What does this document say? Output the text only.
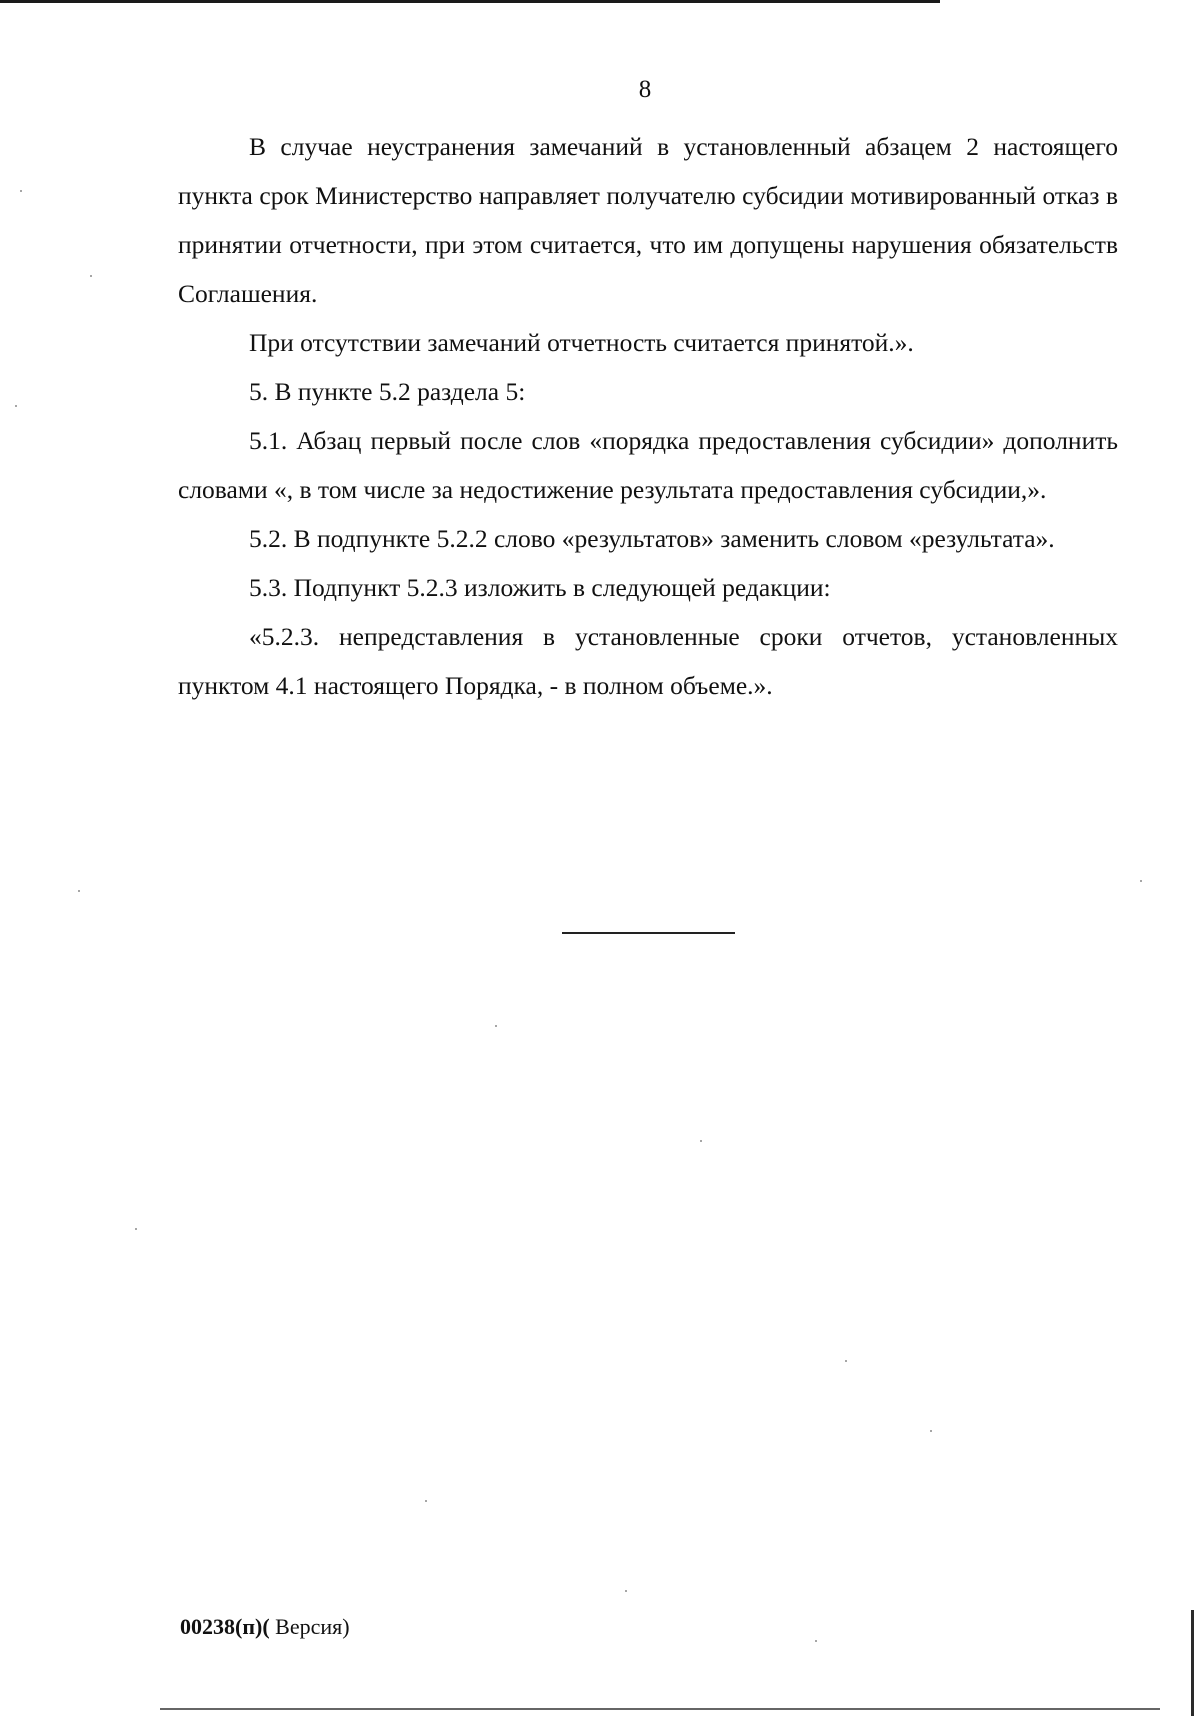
8

В случае неустранения замечаний в установленный абзацем 2 настоящего пункта срок Министерство направляет получателю субсидии мотивированный отказ в принятии отчетности, при этом считается, что им допущены нарушения обязательств Соглашения.

При отсутствии замечаний отчетность считается принятой.».

5. В пункте 5.2 раздела 5:

5.1. Абзац первый после слов «порядка предоставления субсидии» дополнить словами «, в том числе за недостижение результата предоставления субсидии,».

5.2. В подпункте 5.2.2 слово «результатов» заменить словом «результата».

5.3. Подпункт 5.2.3 изложить в следующей редакции:

«5.2.3. непредставления в установленные сроки отчетов, установленных пунктом 4.1 настоящего Порядка, - в полном объеме.».

00238(п)( Версия)
